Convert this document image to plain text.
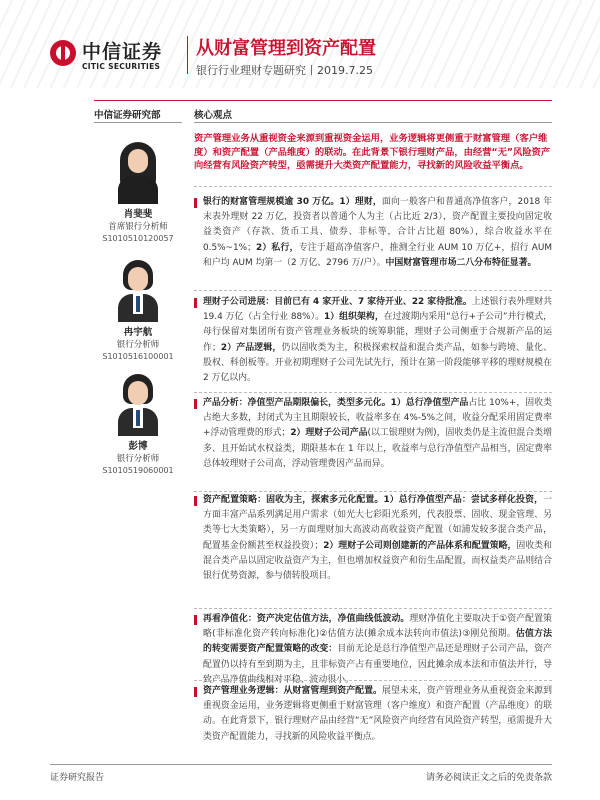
中信证券
CITIC SECURITIES
从财富管理到资产配置
银行行业理财专题研究丨2019.7.25
中信证券研究部	核心观点
肖斐斐
首席银行分析师
S1010510120057
冉宇航
银行分析师
S1010516100001
彭博
银行分析师
S1010519060001
资产管理业务从重视资金来源到重视资金运用，业务逻辑将更侧重于财富管理（客户维度）和资产配置（产品维度）的联动。在此背景下银行理财产品，由经营“无”风险资产向经营有风险资产转型，亟需提升大类资产配置能力，寻找新的风险收益平衡点。
银行的财富管理规模逾 30 万亿。1）理财，面向一般客户和普通高净值客户，2018 年末表外理财 22 万亿，投资者以普通个人为主（占比近 2/3），资产配置主要投向固定收益类资产（存款、货币工具、债券、非标等，合计占比超 80%），综合收益水平在 0.5%~1%；2）私行，专注于超高净值客户，推测全行业 AUM 10 万亿+，招行 AUM 和户均 AUM 均第一（2 万亿、2796 万/户）。中国财富管理市场二八分布特征显著。
理财子公司进展：目前已有 4 家开业、7 家待开业、22 家待批准。上述银行表外理财共 19.4 万亿（占全行业 88%）。1）组织架构，在过渡期内采用“总行+子公司”并行模式，母行保留对集团所有资产管理业务板块的统筹职能，理财子公司侧重于合规新产品的运作；2）产品逻辑，仍以固收类为主，积极探索权益和混合类产品，如参与跨境、量化、股权、科创板等。开业初期理财子公司先试先行，预计在第一阶段能够平移的理财规模在 2 万亿以内。
产品分析：净值型产品期限偏长，类型多元化。1）总行净值型产品占比 10%+，固收类占绝大多数，封闭式为主且期限较长，收益率多在 4%-5%之间，收益分配采用固定费率+浮动管理费的形式；2）理财子公司产品(以工银理财为例)，固收类仍是主流但混合类增多、且开始试水权益类，期限基本在 1 年以上，收益率与总行净值型产品相当，固定费率总体较理财子公司高，浮动管理费因产品而异。
资产配置策略：固收为主，探索多元化配置。1）总行净值型产品：尝试多样化投资，一方面丰富产品系列满足用户需求（如光大七彩阳光系列，代表股票、固收、现金管理、另类等七大类策略），另一方面理财加大高波动高收益资产配置（如浦发较多混合类产品，配置基金份额甚至权益投资）；2）理财子公司则创建新的产品体系和配置策略，固收类和混合类产品以固定收益资产为主，但也增加权益资产和衍生品配置，而权益类产品则结合银行优势资源，参与债转股项目。
再看净值化：资产决定估值方法，净值曲线低波动。理财净值化主要取决于①资产配置策略(非标准化资产转向标准化)②估值方法(摊余成本法转向市值法)③刚兑预期。估值方法的转变需要资产配置策略的改变：目前无论是总行净值型产品还是理财子公司产品，资产配置仍以持有至到期为主，且非标资产占有重要地位，因此摊余成本法和市值法并行，导致产品净值曲线相对平稳、波动很小。
资产管理业务逻辑：从财富管理到资产配置。展望未来，资产管理业务从重视资金来源到重视资金运用，业务逻辑将更侧重于财富管理（客户维度）和资产配置（产品维度）的联动。在此背景下，银行理财产品由经营“无”风险资产向经营有风险资产转型，亟需提升大类资产配置能力，寻找新的风险收益平衡点。
证券研究报告	请务必阅读正文之后的免责条款
